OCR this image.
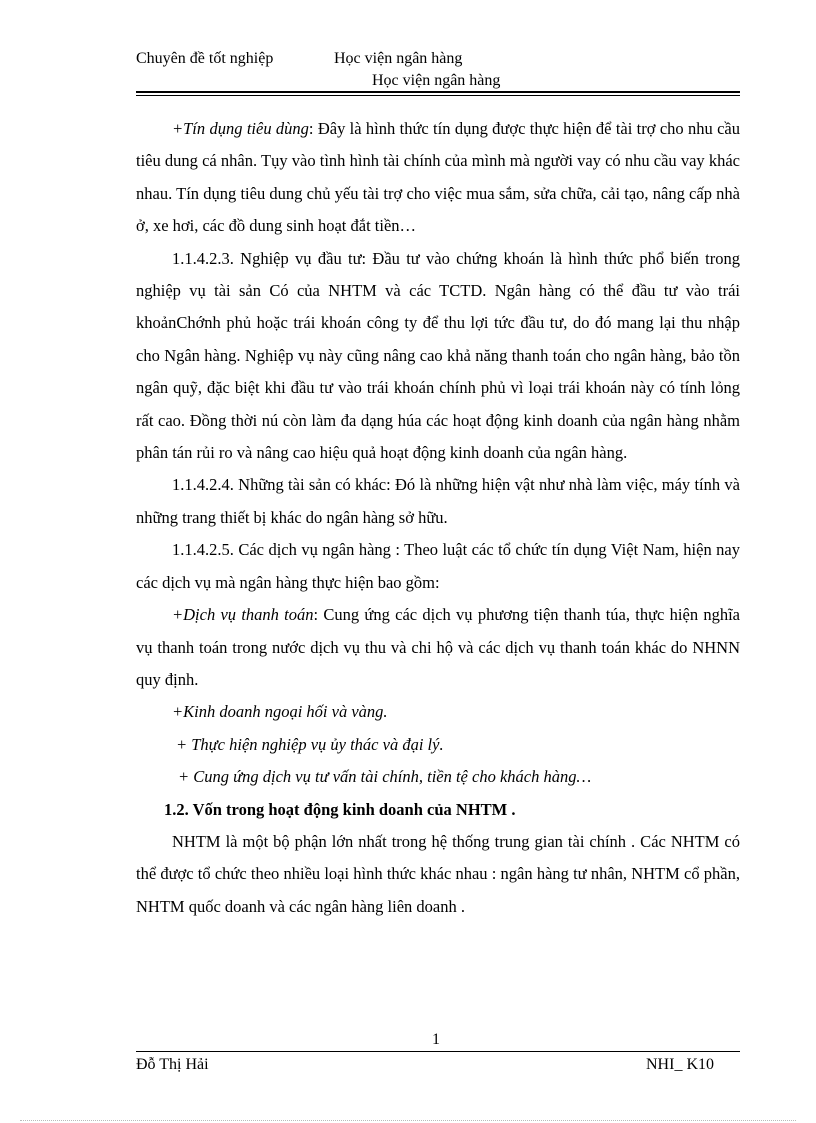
Chuyên đề tốt nghiệp	Học viện ngân hàng
Học viện ngân hàng

+Tín dụng tiêu dùng: Đây là hình thức tín dụng được thực hiện để tài trợ cho nhu cầu tiêu dung cá nhân. Tụy vào tình hình tài chính của mình mà người vay có nhu cầu vay khác nhau. Tín dụng tiêu dung chủ yếu tài trợ cho việc mua sắm, sửa chữa, cải tạo, nâng cấp nhà ở, xe hơi, các đồ dung sinh hoạt đắt tiền…

1.1.4.2.3. Nghiệp vụ đầu tư: Đầu tư vào chứng khoán là hình thức phổ biến trong nghiệp vụ tài sản Có của NHTM và các TCTD. Ngân hàng có thể đầu tư vào trái khoảnChớnh phủ hoặc trái khoán công ty để thu lợi tức đầu tư, do đó mang lại thu nhập cho Ngân hàng. Nghiệp vụ này cũng nâng cao khả năng thanh toán cho ngân hàng, bảo tồn ngân quỹ, đặc biệt khi đầu tư vào trái khoán chính phủ vì loại trái khoán này có tính lỏng rất cao. Đồng thời nú còn làm đa dạng húa các hoạt động kinh doanh của ngân hàng nhằm phân tán rủi ro và nâng cao hiệu quả hoạt động kinh doanh của ngân hàng.

1.1.4.2.4. Những tài sản có khác: Đó là những hiện vật như nhà làm việc, máy tính và những trang thiết bị khác do ngân hàng sở hữu.

1.1.4.2.5. Các dịch vụ ngân hàng : Theo luật các tổ chức tín dụng Việt Nam, hiện nay các dịch vụ mà ngân hàng thực hiện bao gồm:

+Dịch vụ thanh toán: Cung ứng các dịch vụ phương tiện thanh túa, thực hiện nghĩa vụ thanh toán trong nước dịch vụ thu và chi hộ và các dịch vụ thanh toán khác do NHNN quy định.

+Kinh doanh ngoại hối và vàng.

+ Thực hiện nghiệp vụ ủy thác và đại lý.

+ Cung ứng dịch vụ tư vấn tài chính, tiền tệ cho khách hàng…

1.2. Vốn trong hoạt động kinh doanh của NHTM .

NHTM là một bộ phận lớn nhất trong hệ thống trung gian tài chính . Các NHTM có thể được tổ chức theo nhiều loại hình thức khác nhau : ngân hàng tư nhân, NHTM cổ phần, NHTM quốc doanh và các ngân hàng liên doanh .

1
Đỗ Thị Hải	NHI_ K10
